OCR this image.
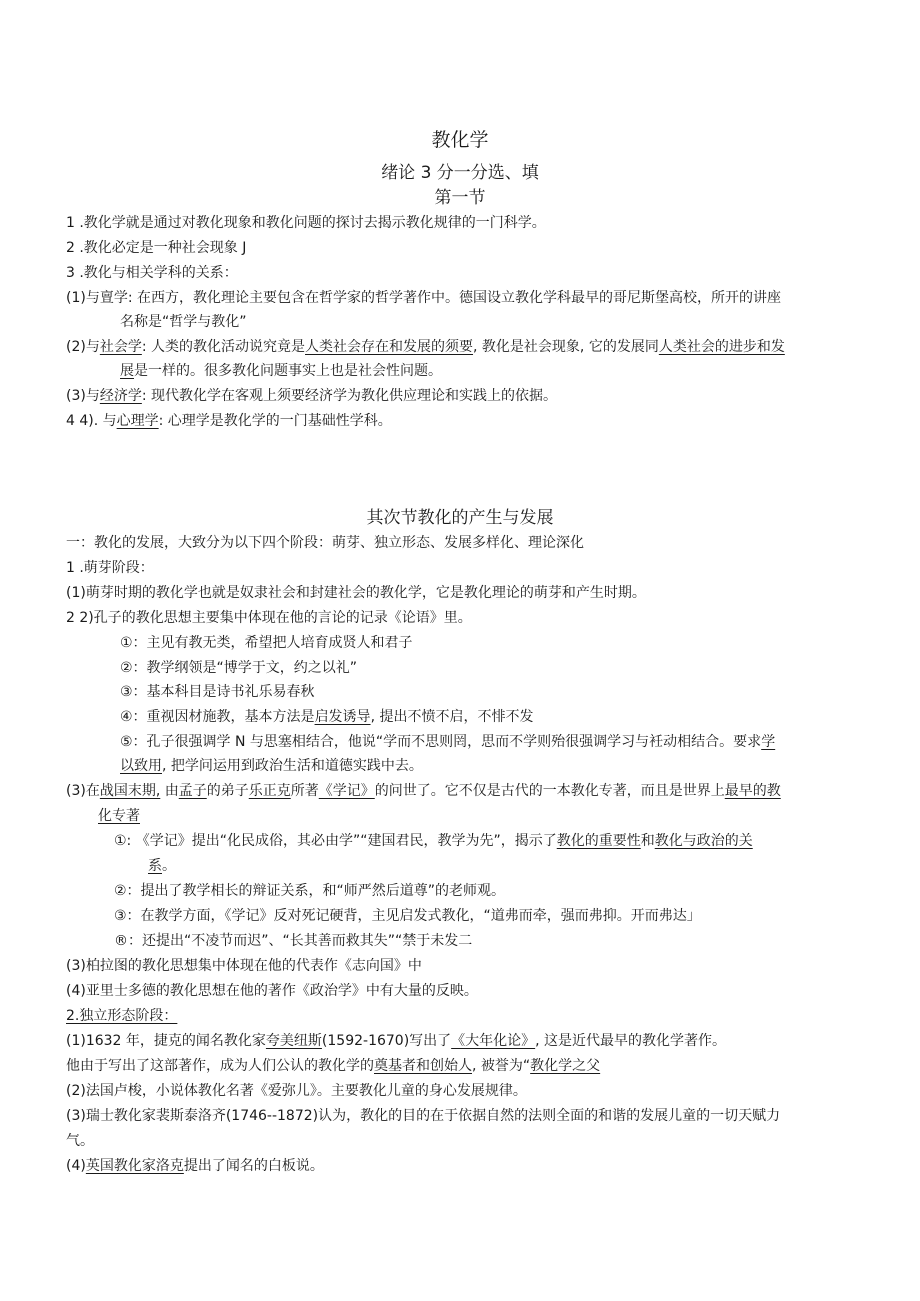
教化学
绪论 3 分一分选、填
第一节
1 .教化学就是通过对教化现象和教化问题的探讨去揭示教化规律的一门科学。
2 .教化必定是一种社会现象 J
3 .教化与相关学科的关系：
(1)与亶学: 在西方，教化理论主要包含在哲学家的哲学著作中。德国设立教化学科最早的哥尼斯堡高校，所开的讲座
名称是“哲学与教化”
(2)与社会学: 人类的教化活动说究竟是人类社会存在和发展的须要, 教化是社会现象, 它的发展同人类社会的进步和发
展是一样的。很多教化问题事实上也是社会性问题。
(3)与经济学: 现代教化学在客观上须要经济学为教化供应理论和实践上的依据。
4 4). 与心理学: 心理学是教化学的一门基础性学科。
其次节教化的产生与发展
一：教化的发展，大致分为以下四个阶段：萌芽、独立形态、发展多样化、理论深化
1 .萌芽阶段：
(1)萌芽时期的教化学也就是奴隶社会和封建社会的教化学，它是教化理论的萌芽和产生时期。
2 2)孔子的教化思想主要集中体现在他的言论的记录《论语》里。
①：主见有教无类，希望把人培育成贤人和君子
②：教学纲领是“博学于文，约之以礼”
③：基本科目是诗书礼乐易春秋
④：重视因材施教，基本方法是启发诱导, 提出不愤不启，不悱不发
⑤：孔子很强调学 N 与思塞相结合，他说“学而不思则罔，思而不学则殆很强调学习与衽动相结合。要求学
以致用, 把学问运用到政治生活和道德实践中去。
(3)在战国末期, 由孟子的弟子乐正克所著《学记》的问世了。它不仅是古代的一本教化专著，而且是世界上最早的教
化专著
①: 《学记》提出“化民成俗，其必由学”“建国君民，教学为先”，揭示了教化的重要性和教化与政治的关
系。
②：提出了教学相长的辩证关系，和“师严然后道尊”的老师观。
③：在教学方面，《学记》反对死记硬背，主见启发式教化，“道弗而牵，强而弗抑。开而弗达｣
®：还提出“不凌节而迟”、“长其善而救其失”“禁于未发二
(3)柏拉图的教化思想集中体现在他的代表作《志向国》中
(4)亚里士多德的教化思想在他的著作《政治学》中有大量的反映。
2.独立形态阶段：
(1)1632 年，捷克的闻名教化家夸美纽斯(1592-1670)写出了《大年化论》, 这是近代最早的教化学著作。
他由于写出了这部著作，成为人们公认的教化学的奠基者和创始人, 被誉为“教化学之父
(2)法国卢梭，小说体教化名著《爱弥儿》。主要教化儿童的身心发展规律。
(3)瑞士教化家裴斯泰洛齐(1746--1872)认为，教化的目的在于依据自然的法则全面的和谐的发展儿童的一切天赋力
气。
(4)英国教化家洛克提出了闻名的白板说。
